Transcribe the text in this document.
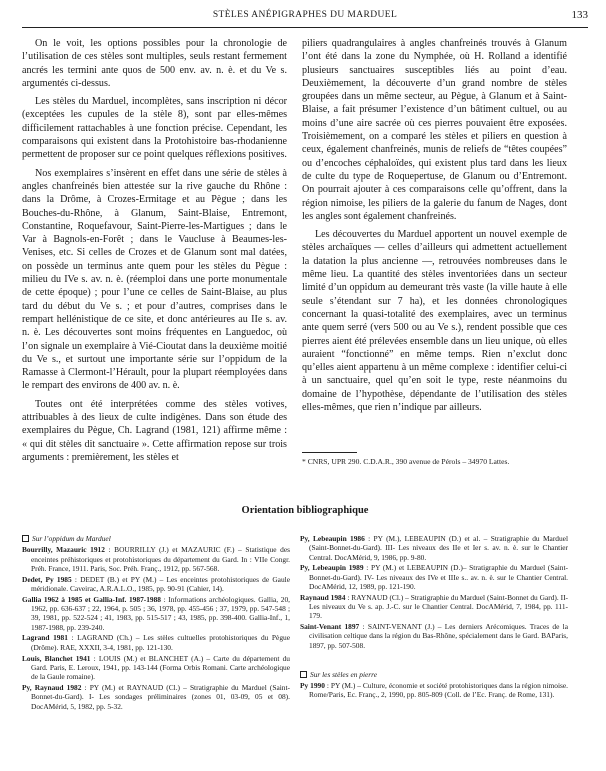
STÈLES ANÉPIGRAPHES DU MARDUEL	133

On le voit, les options possibles pour la chronologie de l’utilisation de ces stèles sont multiples, seuls restant fermement ancrés les termini ante quos de 500 env. av. n. è. et du Ve s. argumentés ci-dessus.

Les stèles du Marduel, incomplètes, sans inscription ni décor (exceptées les cupules de la stèle 8), sont par elles-mêmes difficilement rattachables à une fonction précise. Cependant, les comparaisons qui existent dans la Protohistoire bas-rhodanienne permettent de proposer sur ce point quelques réflexions positives.

Nos exemplaires s’insèrent en effet dans une série de stèles à angles chanfreinés bien attestée sur la rive gauche du Rhône : dans la Drôme, à Crozes-Ermitage et au Pègue ; dans les Bouches-du-Rhône, à Glanum, Saint-Blaise, Entremont, Constantine, Roquefavour, Saint-Pierre-les-Martigues ; dans le Var à Bagnols-en-Forêt ; dans le Vaucluse à Beaumes-les-Venises, etc. Si celles de Crozes et de Glanum sont mal datées, on possède un terminus ante quem pour les stèles du Pègue : milieu du IVe s. av. n. è. (réemploi dans une porte monumentale de cette époque) ; pour l’une ce celles de Saint-Blaise, au plus tard du début du Ve s. ; et pour d’autres, comprises dans le rempart hellénistique de ce site, et donc antérieures au IIe s. av. n. è. Les découvertes sont moins fréquentes en Languedoc, où l’on signale un exemplaire à Vié-Cioutat dans la deuxième moitié du Ve s., et surtout une importante série sur l’oppidum de la Ramasse à Clermont-l’Hérault, pour la plupart réemployées dans le rempart des environs de 400 av. n. è.

Toutes ont été interprétées comme des stèles votives, attribuables à des lieux de culte indigènes. Dans son étude des exemplaires du Pègue, Ch. Lagrand (1981, 121) affirme même : « qui dit stèles dit sanctuaire ». Cette affirmation repose sur trois arguments : premièrement, les stèles et

piliers quadrangulaires à angles chanfreinés trouvés à Glanum l’ont été dans la zone du Nymphée, où H. Rolland a identifié plusieurs sanctuaires susceptibles liés au point d’eau. Deuxièmement, la découverte d’un grand nombre de stèles groupées dans un même secteur, au Pègue, à Glanum et à Saint-Blaise, a fait présumer l’existence d’un bâtiment cultuel, ou au moins d’une aire sacrée où ces pierres pouvaient être exposées. Troisièmement, on a comparé les stèles et piliers en question à ceux, également chanfreinés, munis de reliefs de “têtes coupées” ou d’encoches céphaloïdes, qui existent plus tard dans les lieux de culte du type de Roquepertuse, de Glanum ou d’Entremont. On pourrait ajouter à ces comparaisons celle qu’offrent, dans la région nimoise, les piliers de la galerie du fanum de Nages, dont les angles sont également chanfreinés.

Les découvertes du Marduel apportent un nouvel exemple de stèles archaïques — celles d’ailleurs qui admettent actuellement la datation la plus ancienne —, retrouvées nombreuses dans le même lieu. La quantité des stèles inventoriées dans un secteur limité d’un oppidum au demeurant très vaste (la ville haute à elle seule s’étendant sur 7 ha), et les données chronologiques concernant la quasi-totalité des exemplaires, avec un terminus ante quem serré (vers 500 ou au Ve s.), rendent possible que ces pierres aient été prélevées ensemble dans un lieu unique, où elles auraient “fonctionné” en même temps. Rien n’exclut donc qu’elles aient appartenu à un même complexe : identifier celui-ci à un sanctuaire, quel qu’en soit le type, reste néanmoins du domaine de l’hypothèse, dépendante de l’utilisation des stèles elles-mêmes, que rien n’indique par ailleurs.

* CNRS, UPR 290. C.D.A.R., 390 avenue de Pérols – 34970 Lattes.
Orientation bibliographique
Sur l’oppidum du Marduel
Bourrilly, Mazauric 1912 : BOURRILLY (J.) et MAZAURIC (F.) – Statistique des enceintes préhistoriques et protohistoriques du département du Gard. In : VIIe Congr. Préh. France, 1911. Paris, Soc. Préh. Franç., 1912, pp. 567-568.
Dedet, Py 1985 : DEDET (B.) et PY (M.) – Les enceintes protohistoriques de Gaule méridionale. Caveirac, A.R.A.L.O., 1985, pp. 90-91 (Cahier, 14).
Gallia 1962 à 1985 et Gallia-Inf. 1987-1988 : Informations archéologiques. Gallia, 20, 1962, pp. 636-637 ; 22, 1964, p. 505 ; 36, 1978, pp. 455-456 ; 37, 1979, pp. 547-548 ; 39, 1981, pp. 522-524 ; 41, 1983, pp. 515-517 ; 43, 1985, pp. 398-400. Gallia-Inf., 1, 1987-1988, pp. 239-240.
Lagrand 1981 : LAGRAND (Ch.) – Les stèles cultuelles protohistoriques du Pègue (Drôme). RAE, XXXII, 3-4, 1981, pp. 121-130.
Louis, Blanchet 1941 : LOUIS (M.) et BLANCHET (A.) – Carte du département du Gard. Paris, E. Leroux, 1941, pp. 143-144 (Forma Orbis Romani. Carte archéologique de la Gaule romaine).
Py, Raynaud 1982 : PY (M.) et RAYNAUD (Cl.) – Stratigraphie du Marduel (Saint-Bonnet-du-Gard). I- Les sondages préliminaires (zones 01, 03-09, 05 et 08). DocAMérid, 5, 1982, pp. 5-32.
Py, Lebeaupin 1986 : PY (M.), LEBEAUPIN (D.) et al. – Stratigraphie du Marduel (Saint-Bonnet-du-Gard). III- Les niveaux des IIe et Ier s. av. n. è. sur le Chantier Central. DocAMérid, 9, 1986, pp. 9-80.
Py, Lebeaupin 1989 : PY (M.) et LEBEAUPIN (D.)– Stratigraphie du Marduel (Saint-Bonnet-du-Gard). IV- Les niveaux des IVe et IIIe s.. av. n. è. sur le Chantier Central. DocAMérid, 12, 1989, pp. 121-190.
Raynaud 1984 : RAYNAUD (Cl.) – Stratigraphie du Marduel (Saint-Bonnet du Gard). II- Les niveaux du Ve s. ap. J.-C. sur le Chantier Central. DocAMérid, 7, 1984, pp. 111-179.
Saint-Venant 1897 : SAINT-VENANT (J.) – Les derniers Arécomiques. Traces de la civilisation celtique dans la région du Bas-Rhône, spécialement dans le Gard. BAParis, 1897, pp. 507-508.
Sur les stèles en pierre
Py 1990 : PY (M.) – Culture, économie et société protohistoriques dans la région nimoise. Rome/Paris, Ec. Franç., 2, 1990, pp. 805-809 (Coll. de l’Ec. Franç. de Rome, 131).
